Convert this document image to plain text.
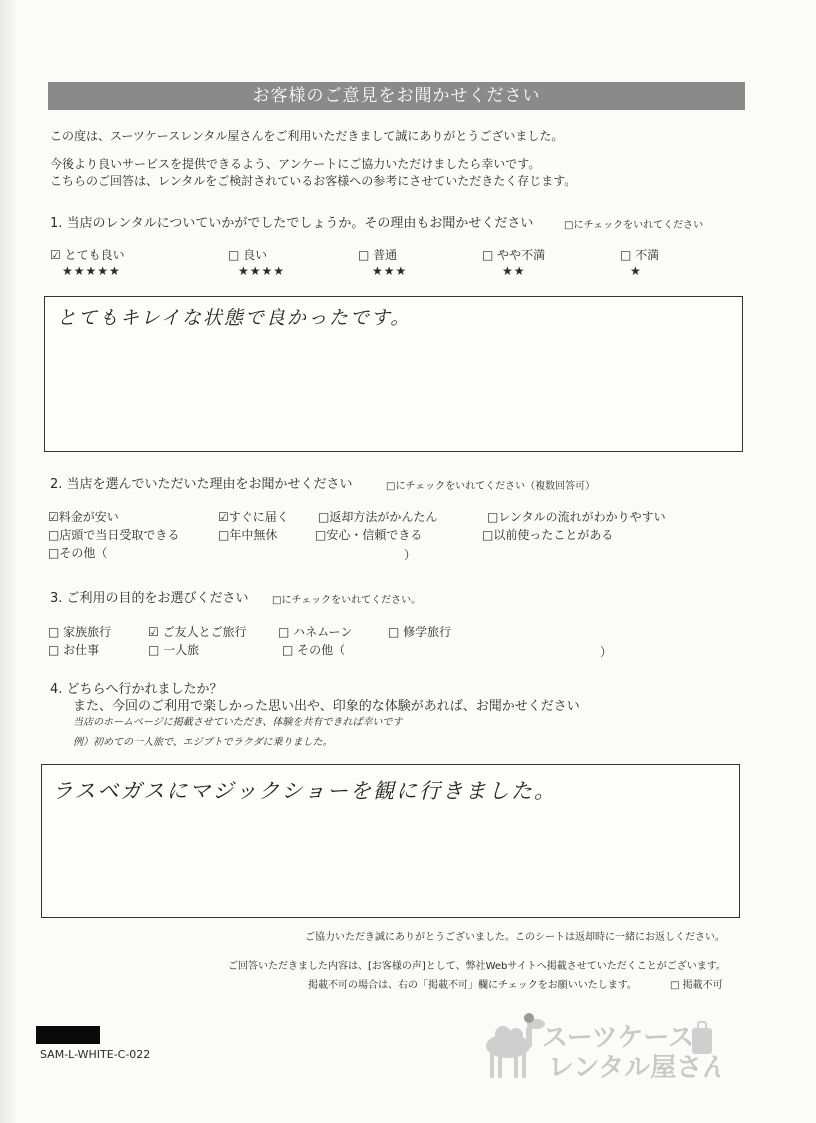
お客様のご意見をお聞かせください
この度は、スーツケースレンタル屋さんをご利用いただきまして誠にありがとうございました。
今後より良いサービスを提供できるよう、アンケートにご協力いただけましたら幸いです。
こちらのご回答は、レンタルをご検討されているお客様への参考にさせていただきたく存じます。
1. 当店のレンタルについていかがでしたでしょうか。その理由もお聞かせください	□にチェックをいれてください
☑ とても良い
★★★★★
□ 良い
★★★★
□ 普通
★★★
□ やや不満
★★
□ 不満
★
とてもキレイな状態で良かったです。
2. 当店を選んでいただいた理由をお聞かせください	□にチェックをいれてください（複数回答可）
☑料金が安い	☑すぐに届く □返却方法がかんたん	□レンタルの流れがわかりやすい
□店頭で当日受取できる	□年中無休	□安心・信頼できる	□以前使ったことがある
□その他（	）
3. ご利用の目的をお選びください □にチェックをいれてください。
□ 家族旅行	☑ ご友人とご旅行	□ ハネムーン	□ 修学旅行
□ お仕事	□ 一人旅	□ その他（	）
4. どちらへ行かれましたか？
また、今回のご利用で楽しかった思い出や、印象的な体験があれば、お聞かせください
当店のホームページに掲載させていただき、体験を共有できれば幸いです
例）初めての一人旅で、エジプトでラクダに乗りました。
ラスベガスにマジックショーを観に行きました。
ご協力いただき誠にありがとうございました。このシートは返却時に一緒にお返しください。
ご回答いただきました内容は、[お客様の声]として、弊社Webサイトへ掲載させていただくことがございます。
掲載不可の場合は、右の「掲載不可」欄にチェックをお願いいたします。	□ 掲載不可
SAM-L-WHITE-C-022
スーツケース
レンタル屋さん
